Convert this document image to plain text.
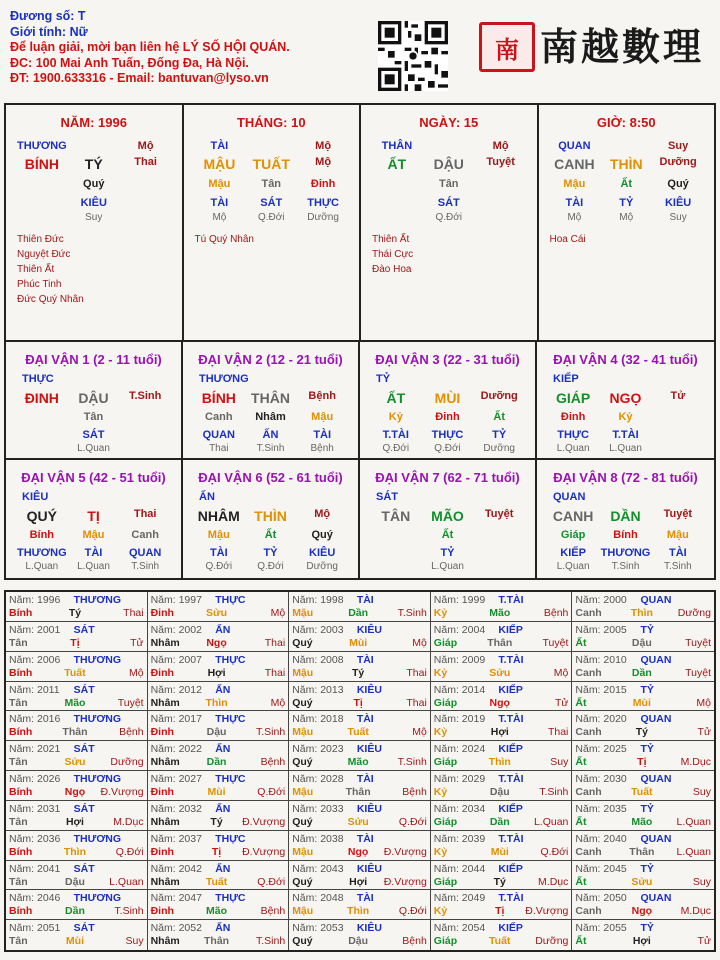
Đương số: T
Giới tính: Nữ
Để luận giải, mời bạn liên hệ LÝ SỐ HỘI QUÁN.
ĐC: 100 Mai Anh Tuấn, Đống Đa, Hà Nội.
ĐT: 1900.633316 - Email: bantuvan@lyso.vn
南 南越數理
NĂM: 1996
THƯƠNG	Mộ
BÍNH	TÝ	Thai
Quý
KIÊU
Suy
Thiên Đức
Nguyệt Đức
Thiên Ất
Phúc Tinh
Đức Quý Nhân
THÁNG: 10
TÀI	Mộ
MẬU	TUẤT	Mộ
Mậu	Tân	Đinh
TÀI	SÁT	THỰC
Mộ	Q.Đới	Dưỡng
Tú Quý Nhân
NGÀY: 15
THÂN	Mộ
ẤT	DẬU	Tuyệt
Tân
SÁT
Q.Đới
Thiên Ất
Thái Cực
Đào Hoa
GIỜ: 8:50
QUAN	Suy
CANH	THÌN	Dưỡng
Mậu	Ất	Quý
TÀI	TỶ	KIÊU
Mộ	Mộ	Suy
Hoa Cái
ĐẠI VẬN 1 (2 - 11 tuổi)
THỰC
ĐINH	DẬU	T.Sinh
Tân
SÁT
L.Quan
ĐẠI VẬN 2 (12 - 21 tuổi)
THƯƠNG
BÍNH	THÂN	Bệnh
Canh	Nhâm	Mậu
QUAN	ẤN	TÀI
Thai	T.Sinh	Bệnh
ĐẠI VẬN 3 (22 - 31 tuổi)
TỶ
ẤT	MÙI	Dưỡng
Kỷ	Đinh	Ất
T.TÀI	THỰC	TỶ
Q.Đới	Q.Đới	Dưỡng
ĐẠI VẬN 4 (32 - 41 tuổi)
KIẾP
GIÁP	NGỌ	Tử
Đinh	Kỷ
THỰC	T.TÀI
L.Quan	L.Quan
ĐẠI VẬN 5 (42 - 51 tuổi)
KIÊU
QUÝ	TỊ	Thai
Bính	Mậu	Canh
THƯƠNG	TÀI	QUAN
L.Quan	L.Quan	T.Sinh
ĐẠI VẬN 6 (52 - 61 tuổi)
ẤN
NHÂM	THÌN	Mộ
Mậu	Ất	Quý
TÀI	TỶ	KIÊU
Q.Đới	Q.Đới	Dưỡng
ĐẠI VẬN 7 (62 - 71 tuổi)
SÁT
TÂN	MÃO	Tuyệt
Ất
TỶ
L.Quan
ĐẠI VẬN 8 (72 - 81 tuổi)
QUAN
CANH	DẦN	Tuyệt
Giáp	Bính	Mậu
KIẾP	THƯƠNG	TÀI
L.Quan	T.Sinh	T.Sinh
Năm: 1996 THƯƠNG
Bính	Tý	Thai
Năm: 1997 THỰC
Đinh	Sửu	Mộ
Năm: 1998 TÀI
Mậu	Dần	T.Sinh
Năm: 1999 T.TÀI
Kỷ	Mão	Bệnh
Năm: 2000 QUAN
Canh	Thìn	Dưỡng
Năm: 2001 SÁT
Tân	Tị	Tử
Năm: 2002 ẤN
Nhâm	Ngọ	Thai
Năm: 2003 KIÊU
Quý	Mùi	Mộ
Năm: 2004 KIẾP
Giáp	Thân	Tuyệt
Năm: 2005 TỶ
Ất	Dậu	Tuyệt
Năm: 2006 THƯƠNG
Bính	Tuất	Mộ
Năm: 2007 THỰC
Đinh	Hợi	Thai
Năm: 2008 TÀI
Mậu	Tý	Thai
Năm: 2009 T.TÀI
Kỷ	Sửu	Mộ
Năm: 2010 QUAN
Canh	Dần	Tuyệt
Năm: 2011 SÁT
Tân	Mão	Tuyệt
Năm: 2012 ẤN
Nhâm	Thìn	Mộ
Năm: 2013 KIÊU
Quý	Tị	Thai
Năm: 2014 KIẾP
Giáp	Ngọ	Tử
Năm: 2015 TỶ
Ất	Mùi	Mộ
Năm: 2016 THƯƠNG
Bính	Thân	Bệnh
Năm: 2017 THỰC
Đinh	Dậu	T.Sinh
Năm: 2018 TÀI
Mậu	Tuất	Mộ
Năm: 2019 T.TÀI
Kỷ	Hợi	Thai
Năm: 2020 QUAN
Canh	Tý	Tử
Năm: 2021 SÁT
Tân	Sửu	Dưỡng
Năm: 2022 ẤN
Nhâm	Dần	Bệnh
Năm: 2023 KIÊU
Quý	Mão	T.Sinh
Năm: 2024 KIẾP
Giáp	Thìn	Suy
Năm: 2025 TỶ
Ất	Tị	M.Dục
Năm: 2026 THƯƠNG
Bính	Ngọ	Đ.Vượng
Năm: 2027 THỰC
Đinh	Mùi	Q.Đới
Năm: 2028 TÀI
Mậu	Thân	Bệnh
Năm: 2029 T.TÀI
Kỷ	Dậu	T.Sinh
Năm: 2030 QUAN
Canh	Tuất	Suy
Năm: 2031 SÁT
Tân	Hợi	M.Dục
Năm: 2032 ẤN
Nhâm	Tý	Đ.Vượng
Năm: 2033 KIÊU
Quý	Sửu	Q.Đới
Năm: 2034 KIẾP
Giáp	Dần	L.Quan
Năm: 2035 TỶ
Ất	Mão	L.Quan
Năm: 2036 THƯƠNG
Bính	Thìn	Q.Đới
Năm: 2037 THỰC
Đinh	Tị	Đ.Vượng
Năm: 2038 TÀI
Mậu	Ngọ	Đ.Vượng
Năm: 2039 T.TÀI
Kỷ	Mùi	Q.Đới
Năm: 2040 QUAN
Canh	Thân	L.Quan
Năm: 2041 SÁT
Tân	Dậu	L.Quan
Năm: 2042 ẤN
Nhâm	Tuất	Q.Đới
Năm: 2043 KIÊU
Quý	Hợi	Đ.Vượng
Năm: 2044 KIẾP
Giáp	Tý	M.Dục
Năm: 2045 TỶ
Ất	Sửu	Suy
Năm: 2046 THƯƠNG
Bính	Dần	T.Sinh
Năm: 2047 THỰC
Đinh	Mão	Bệnh
Năm: 2048 TÀI
Mậu	Thìn	Q.Đới
Năm: 2049 T.TÀI
Kỷ	Tị	Đ.Vượng
Năm: 2050 QUAN
Canh	Ngọ	M.Dục
Năm: 2051 SÁT
Tân	Mùi	Suy
Năm: 2052 ẤN
Nhâm	Thân	T.Sinh
Năm: 2053 KIÊU
Quý	Dậu	Bệnh
Năm: 2054 KIẾP
Giáp	Tuất	Dưỡng
Năm: 2055 TỶ
Ất	Hợi	Tử
